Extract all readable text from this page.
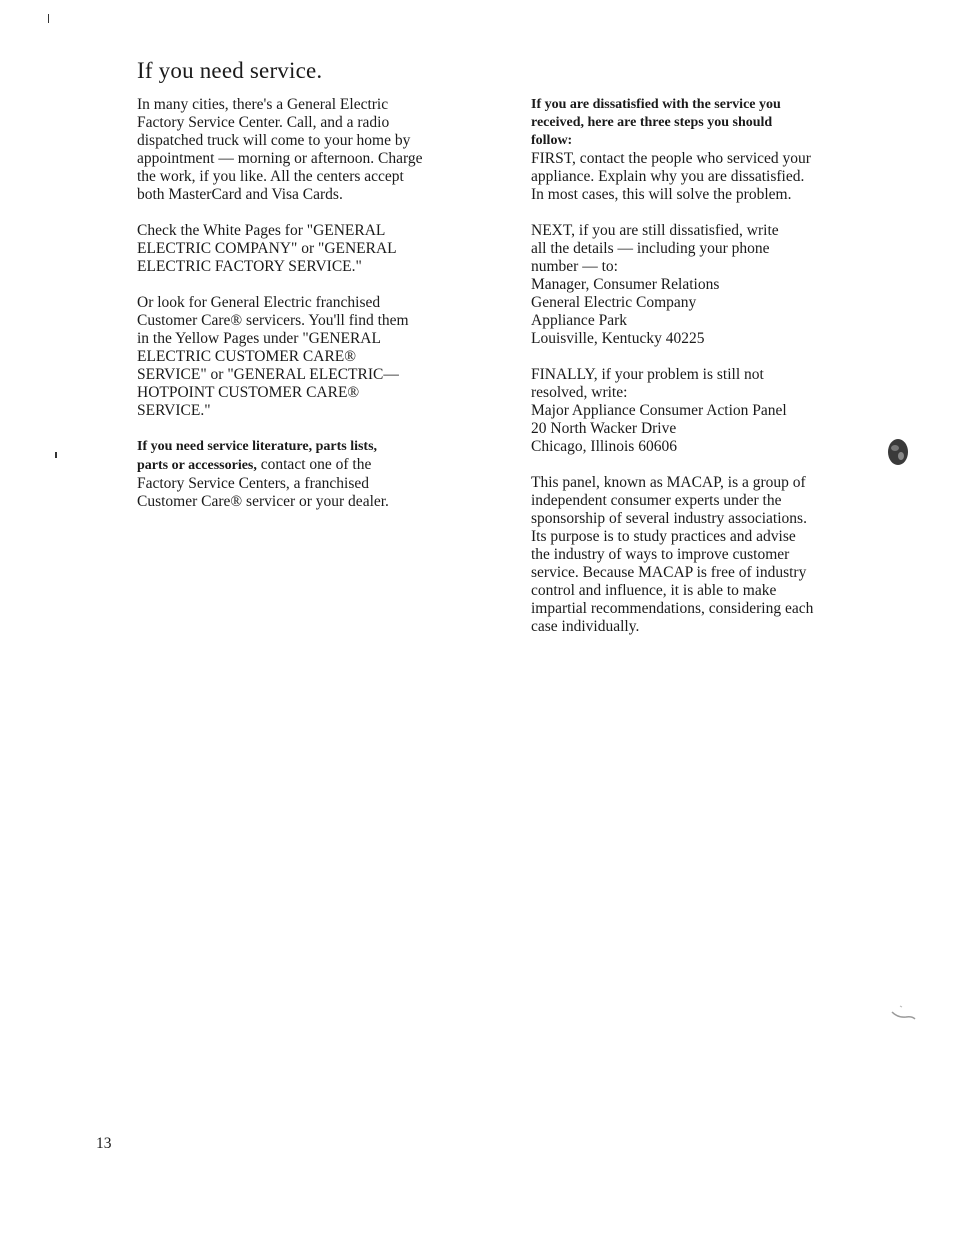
If you need service.

In many cities, there's a General Electric
Factory Service Center. Call, and a radio
dispatched truck will come to your home by
appointment — morning or afternoon. Charge
the work, if you like. All the centers accept
both MasterCard and Visa Cards.

Check the White Pages for "GENERAL
ELECTRIC COMPANY" or "GENERAL
ELECTRIC FACTORY SERVICE."

Or look for General Electric franchised
Customer Care® servicers. You'll find them
in the Yellow Pages under "GENERAL
ELECTRIC CUSTOMER CARE®
SERVICE" or "GENERAL ELECTRIC—
HOTPOINT CUSTOMER CARE®
SERVICE."

If you need service literature, parts lists,
parts or accessories, contact one of the
Factory Service Centers, a franchised
Customer Care® servicer or your dealer.

If you are dissatisfied with the service you
received, here are three steps you should
follow:

FIRST, contact the people who serviced your
appliance. Explain why you are dissatisfied.
In most cases, this will solve the problem.

NEXT, if you are still dissatisfied, write
all the details — including your phone
number — to:
Manager, Consumer Relations
General Electric Company
Appliance Park
Louisville, Kentucky 40225

FINALLY, if your problem is still not
resolved, write:
Major Appliance Consumer Action Panel
20 North Wacker Drive
Chicago, Illinois 60606

This panel, known as MACAP, is a group of
independent consumer experts under the
sponsorship of several industry associations.
Its purpose is to study practices and advise
the industry of ways to improve customer
service. Because MACAP is free of industry
control and influence, it is able to make
impartial recommendations, considering each
case individually.

13
